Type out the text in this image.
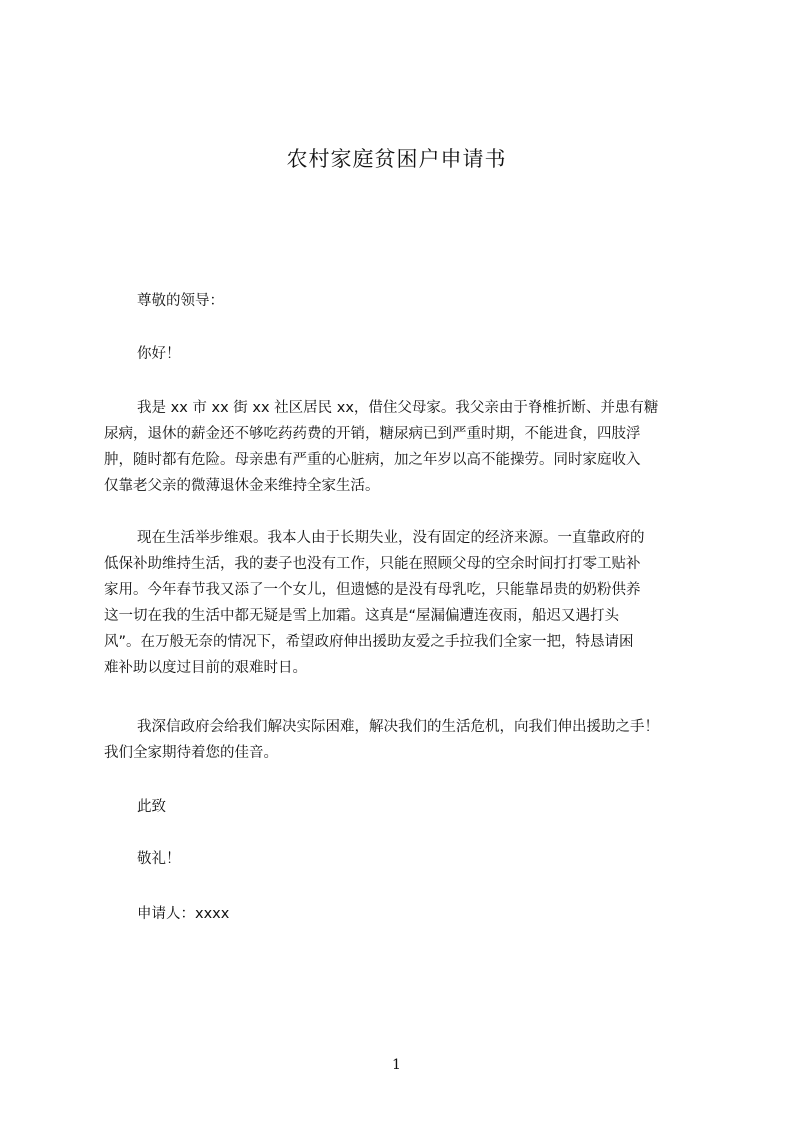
农村家庭贫困户申请书
尊敬的领导：
你好！
我是 xx 市 xx 街 xx 社区居民 xx，借住父母家。我父亲由于脊椎折断、并患有糖
尿病，退休的薪金还不够吃药药费的开销，糖尿病已到严重时期，不能进食，四肢浮
肿，随时都有危险。母亲患有严重的心脏病，加之年岁以高不能操劳。同时家庭收入
仅靠老父亲的微薄退休金来维持全家生活。
现在生活举步维艰。我本人由于长期失业，没有固定的经济来源。一直靠政府的
低保补助维持生活，我的妻子也没有工作，只能在照顾父母的空余时间打打零工贴补
家用。今年春节我又添了一个女儿，但遗憾的是没有母乳吃，只能靠昂贵的奶粉供养
这一切在我的生活中都无疑是雪上加霜。这真是“屋漏偏遭连夜雨，船迟又遇打头
风”。在万般无奈的情况下，希望政府伸出援助友爱之手拉我们全家一把，特恳请困
难补助以度过目前的艰难时日。
我深信政府会给我们解决实际困难，解决我们的生活危机，向我们伸出援助之手！
我们全家期待着您的佳音。
此致
敬礼！
申请人：xxxx
1
